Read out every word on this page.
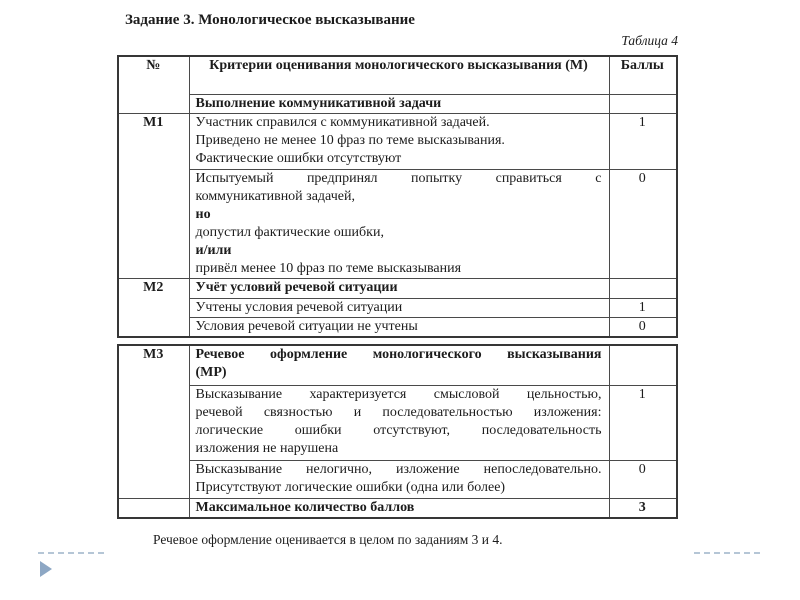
Задание 3. Монологическое высказывание
Таблица 4
№	Критерии оценивания монологического высказывания (М)	Баллы
	Выполнение коммуникативной задачи	
М1	Участник справился с коммуникативной задачей.
Приведено не менее 10 фраз по теме высказывания.
Фактические ошибки отсутствуют	1

Испытуемый предпринял попытку справиться с
коммуникативной задачей,
но
допустил фактические ошибки,
и/или
привёл менее 10 фраз по теме высказывания
	0
М2	Учёт условий речевой ситуации	
	Учтены условия речевой ситуации	1
	Условия речевой ситуации не учтены	0
М3	Речевое оформление монологического высказывания
(МР)	

	Высказывание характеризуется смысловой цельностью,
речевой связностью и последовательностью изложения:
логические ошибки отсутствуют, последовательность
изложения не нарушена	1

	Высказывание нелогично, изложение непоследовательно.
Присутствуют логические ошибки (одна или более)	0
	Максимальное количество баллов	3
Речевое оформление оценивается в целом по заданиям 3 и 4.
